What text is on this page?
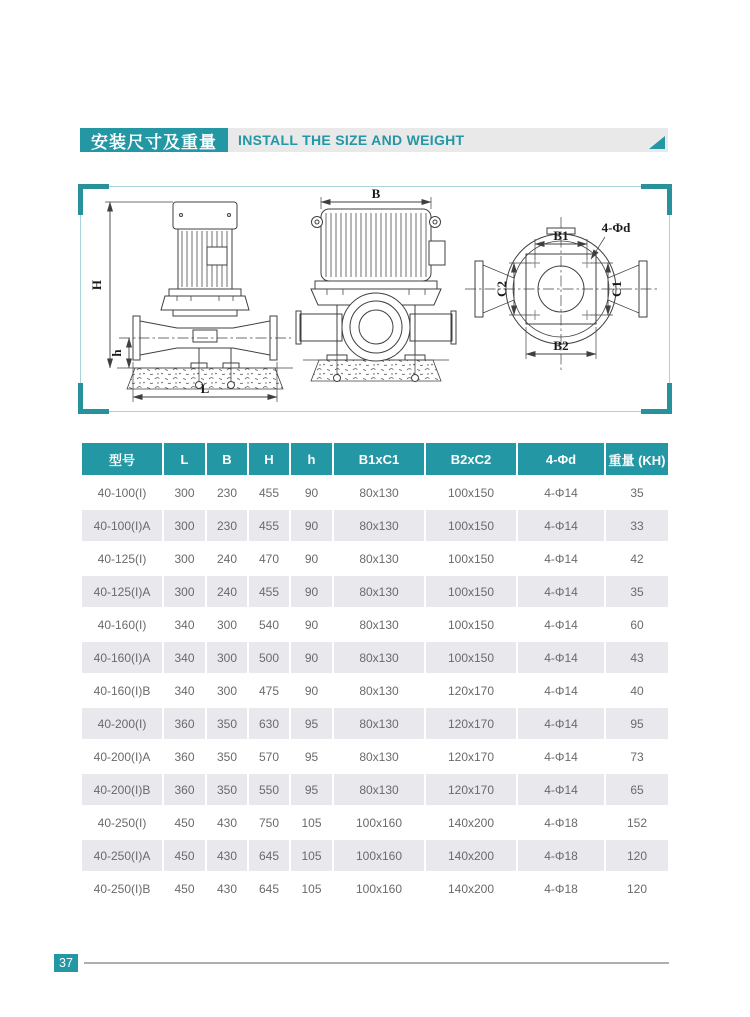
安装尺寸及重量	INSTALL THE SIZE AND WEIGHT
H
h
L
B
B1
C2	C1
B2
4-Φd
型号	L	B	H	h	B1xC1	B2xC2	4-Φd	重量 (KH)
40-100(I)	300	230	455	90	80x130	100x150	4-Φ14	35
40-100(I)A	300	230	455	90	80x130	100x150	4-Φ14	33
40-125(I)	300	240	470	90	80x130	100x150	4-Φ14	42
40-125(I)A	300	240	455	90	80x130	100x150	4-Φ14	35
40-160(I)	340	300	540	90	80x130	100x150	4-Φ14	60
40-160(I)A	340	300	500	90	80x130	100x150	4-Φ14	43
40-160(I)B	340	300	475	90	80x130	120x170	4-Φ14	40
40-200(I)	360	350	630	95	80x130	120x170	4-Φ14	95
40-200(I)A	360	350	570	95	80x130	120x170	4-Φ14	73
40-200(I)B	360	350	550	95	80x130	120x170	4-Φ14	65
40-250(I)	450	430	750	105	100x160	140x200	4-Φ18	152
40-250(I)A	450	430	645	105	100x160	140x200	4-Φ18	120
40-250(I)B	450	430	645	105	100x160	140x200	4-Φ18	120
37
